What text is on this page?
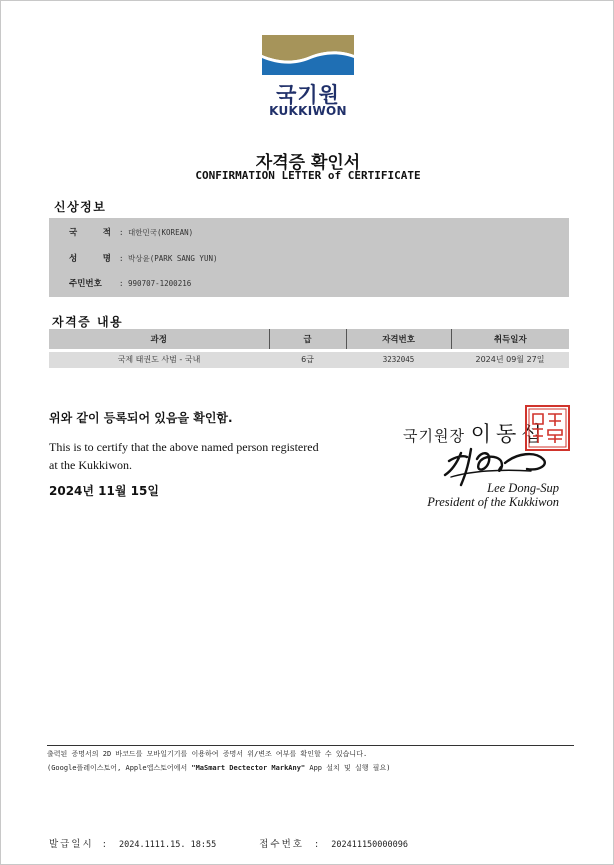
국기원
KUKKIWON
자격증 확인서
CONFIRMATION LETTER of CERTIFICATE
신상정보
국	적 : 대한민국(KOREAN)
성	명 : 박상윤(PARK SANG YUN)
주민번호	: 990707-1200216
자격증 내용
과정	급	자격번호	취득일자
국제 태권도 사범 - 국내	6급	3232045	2024년 09월 27일
위와 같이 등록되어 있음을 확인함.
This is to certify that the above named person registered at the Kukkiwon.
2024년 11월 15일
국기원장 이동섭
Lee Dong-Sup
President of the Kukkiwon
출력된 증명서의 2D 바코드를 모바일기기를 이용하여 증명서 위/변조 여부를 확인할 수 있습니다.
(Google플레이스토어, Apple앱스토어에서 "MaSmart Dectector MarkAny" App 설치 및 실행 필요)
발급일시 : 2024.1111.15. 18:55	접수번호 : 202411150000096
